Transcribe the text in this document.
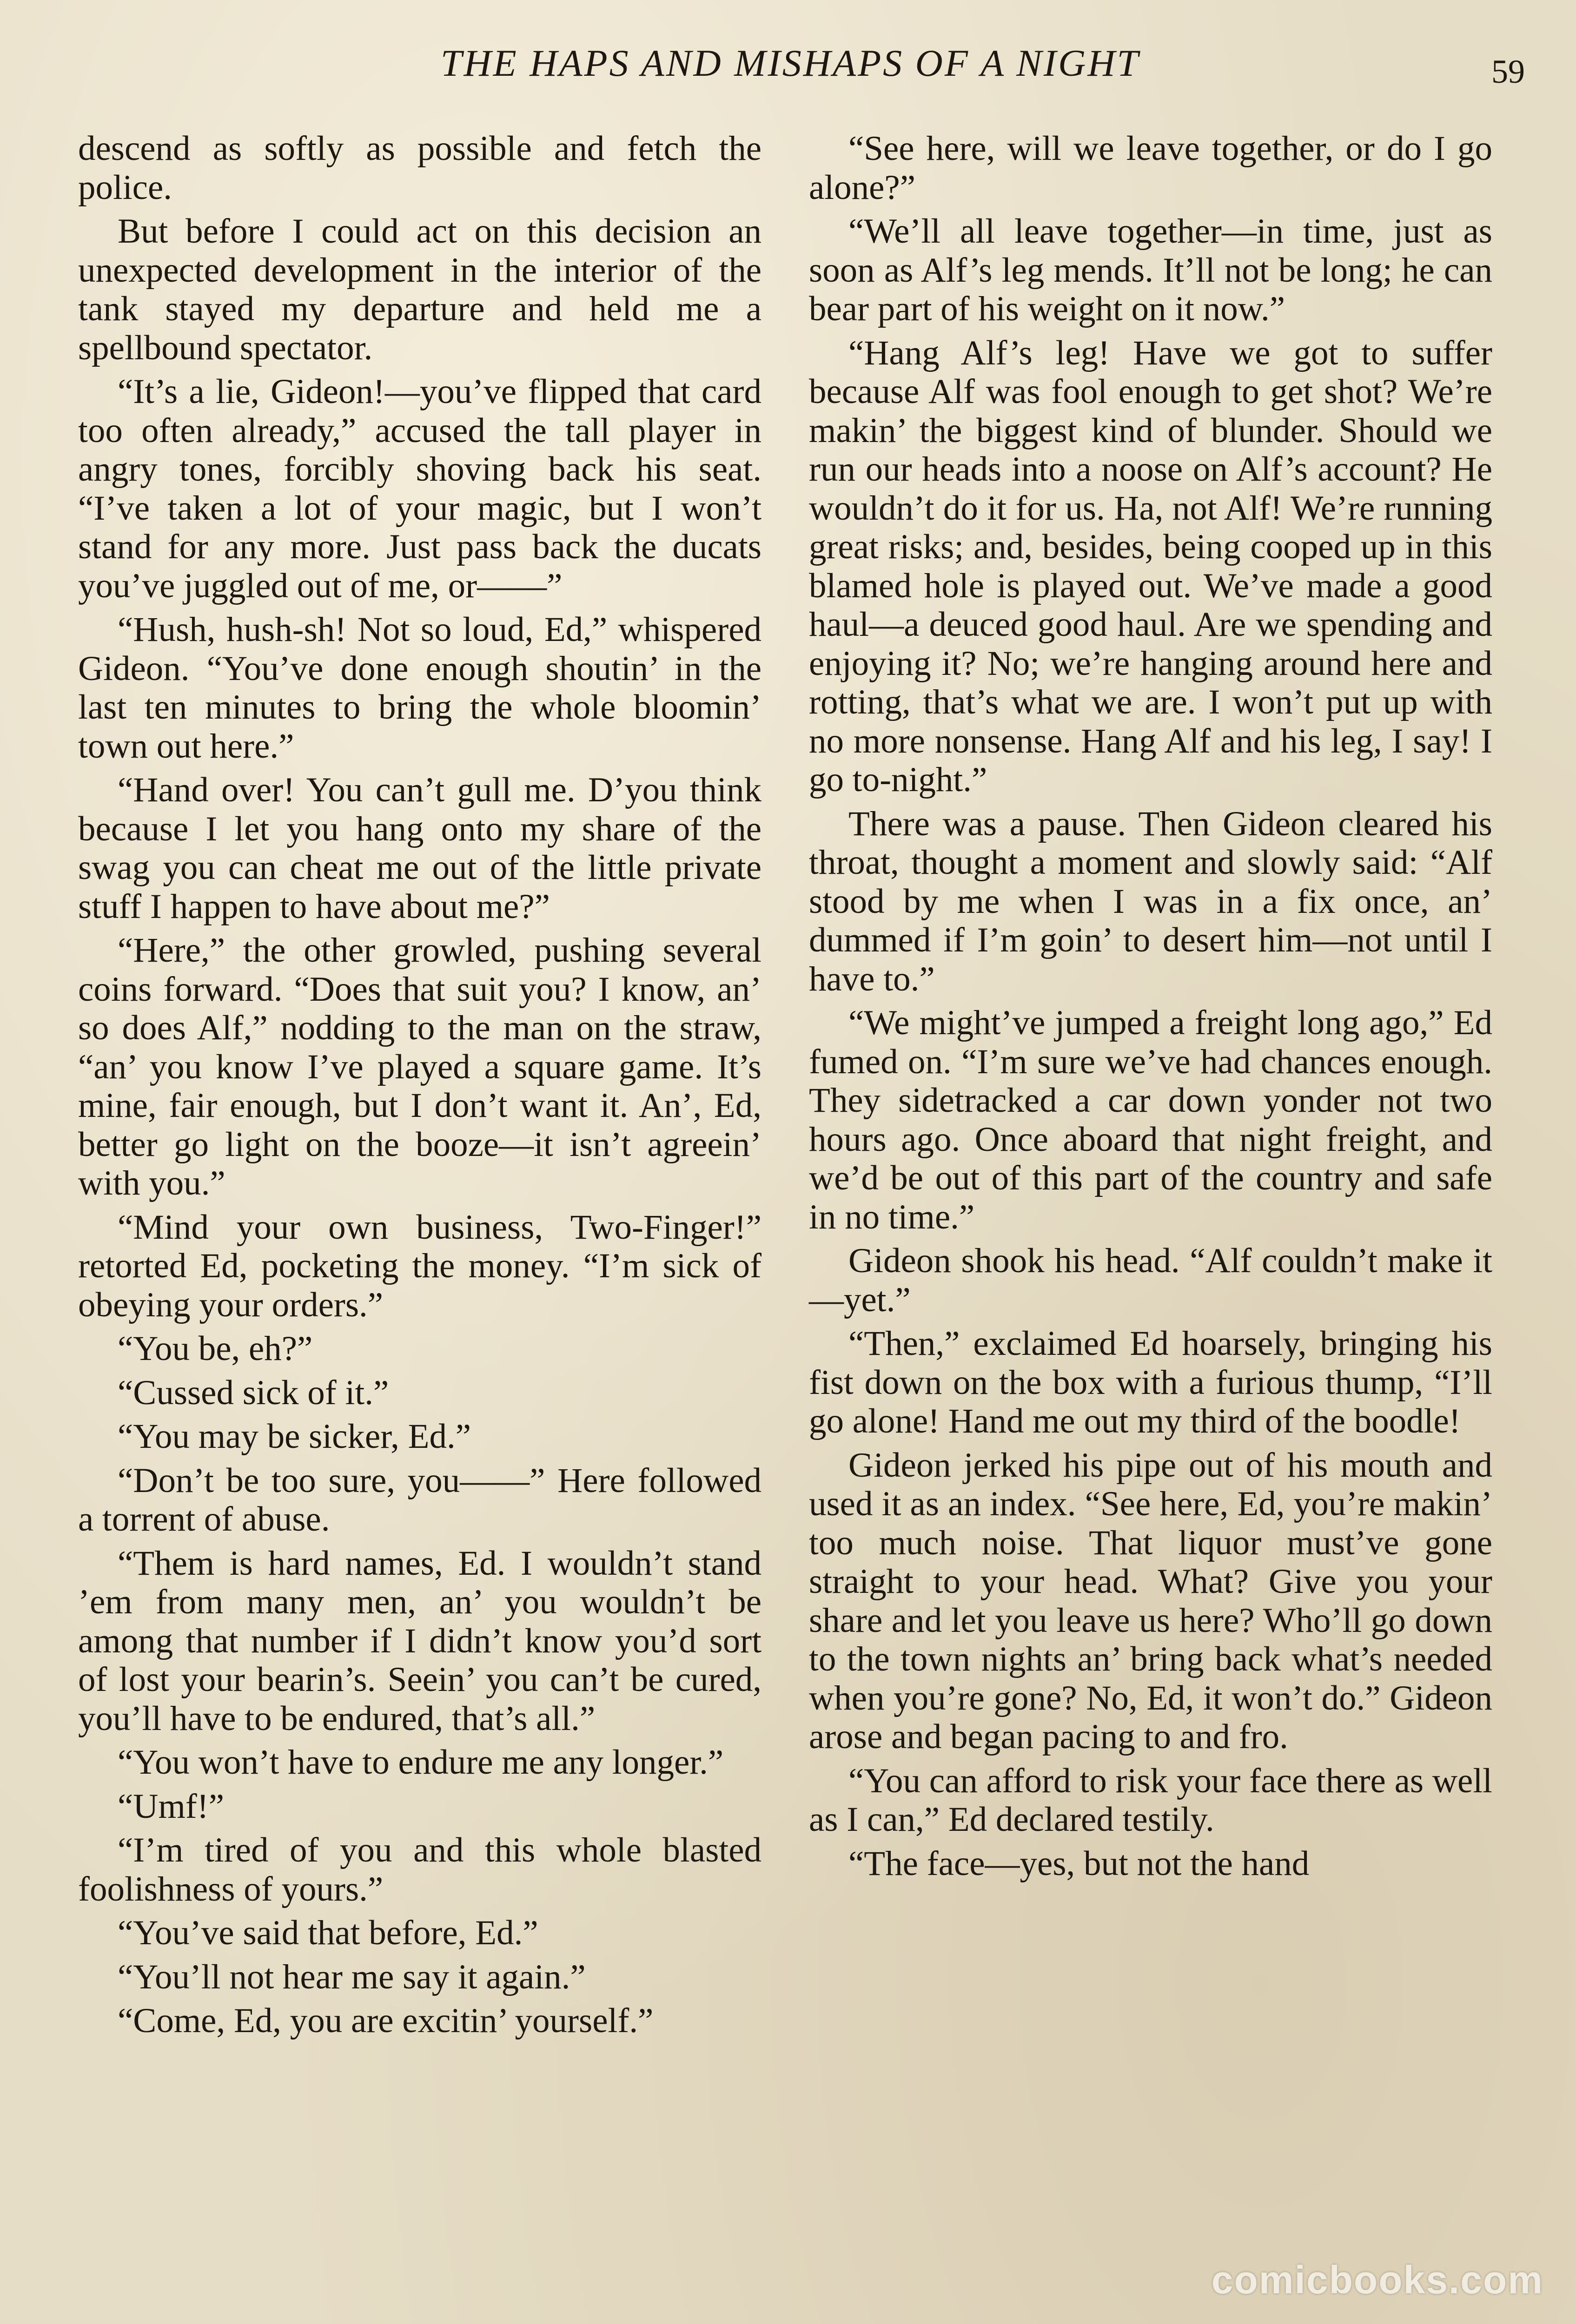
THE HAPS AND MISHAPS OF A NIGHT	59

descend as softly as possible and fetch the police.

But before I could act on this decision an unexpected development in the interior of the tank stayed my departure and held me a spellbound spectator.

“It’s a lie, Gideon!—you’ve flipped that card too often already,” accused the tall player in angry tones, forcibly shoving back his seat. “I’ve taken a lot of your magic, but I won’t stand for any more. Just pass back the ducats you’ve juggled out of me, or——”

“Hush, hush-sh! Not so loud, Ed,” whispered Gideon. “You’ve done enough shoutin’ in the last ten minutes to bring the whole bloomin’ town out here.”

“Hand over! You can’t gull me. D’you think because I let you hang onto my share of the swag you can cheat me out of the little private stuff I happen to have about me?”

“Here,” the other growled, pushing several coins forward. “Does that suit you? I know, an’ so does Alf,” nodding to the man on the straw, “an’ you know I’ve played a square game. It’s mine, fair enough, but I don’t want it. An’, Ed, better go light on the booze—it isn’t agreein’ with you.”

“Mind your own business, Two-Finger!” retorted Ed, pocketing the money. “I’m sick of obeying your orders.”

“You be, eh?”

“Cussed sick of it.”

“You may be sicker, Ed.”

“Don’t be too sure, you——” Here followed a torrent of abuse.

“Them is hard names, Ed. I wouldn’t stand ’em from many men, an’ you wouldn’t be among that number if I didn’t know you’d sort of lost your bearin’s. Seein’ you can’t be cured, you’ll have to be endured, that’s all.”

“You won’t have to endure me any longer.”

“Umf!”

“I’m tired of you and this whole blasted foolishness of yours.”

“You’ve said that before, Ed.”

“You’ll not hear me say it again.”

“Come, Ed, you are excitin’ yourself.”

“See here, will we leave together, or do I go alone?”

“We’ll all leave together—in time, just as soon as Alf’s leg mends. It’ll not be long; he can bear part of his weight on it now.”

“Hang Alf’s leg! Have we got to suffer because Alf was fool enough to get shot? We’re makin’ the biggest kind of blunder. Should we run our heads into a noose on Alf’s account? He wouldn’t do it for us. Ha, not Alf! We’re running great risks; and, besides, being cooped up in this blamed hole is played out. We’ve made a good haul—a deuced good haul. Are we spending and enjoying it? No; we’re hanging around here and rotting, that’s what we are. I won’t put up with no more nonsense. Hang Alf and his leg, I say! I go to-night.”

There was a pause. Then Gideon cleared his throat, thought a moment and slowly said: “Alf stood by me when I was in a fix once, an’ dummed if I’m goin’ to desert him—not until I have to.”

“We might’ve jumped a freight long ago,” Ed fumed on. “I’m sure we’ve had chances enough. They sidetracked a car down yonder not two hours ago. Once aboard that night freight, and we’d be out of this part of the country and safe in no time.”

Gideon shook his head. “Alf couldn’t make it—yet.”

“Then,” exclaimed Ed hoarsely, bringing his fist down on the box with a furious thump, “I’ll go alone! Hand me out my third of the boodle!

Gideon jerked his pipe out of his mouth and used it as an index. “See here, Ed, you’re makin’ too much noise. That liquor must’ve gone straight to your head. What? Give you your share and let you leave us here? Who’ll go down to the town nights an’ bring back what’s needed when you’re gone? No, Ed, it won’t do.” Gideon arose and began pacing to and fro.

“You can afford to risk your face there as well as I can,” Ed declared testily.

“The face—yes, but not the hand

comicbooks.com
